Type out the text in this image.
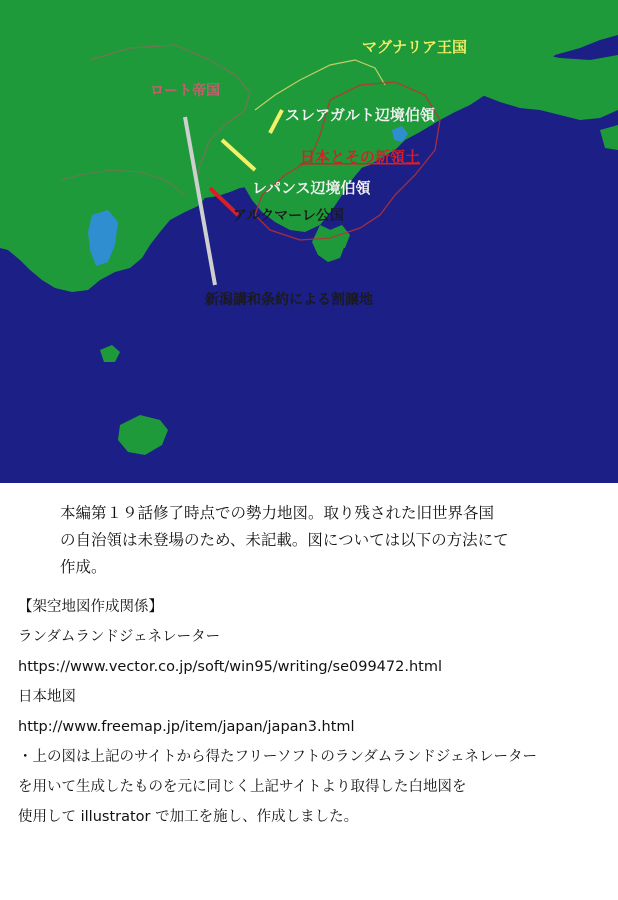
マグナリア王国
ロート帝国
スレアガルト辺境伯領
日本とその新領土
レパンス辺境伯領
アルクマーレ公国
新潟講和条約による割譲地
本編第１９話修了時点での勢力地図。取り残された旧世界各国
の自治領は未登場のため、未記載。図については以下の方法にて
作成。
【架空地図作成関係】
ランダムランドジェネレーター
https://www.vector.co.jp/soft/win95/writing/se099472.html
日本地図
http://www.freemap.jp/item/japan/japan3.html
・上の図は上記のサイトから得たフリーソフトのランダムランドジェネレーター
を用いて生成したものを元に同じく上記サイトより取得した白地図を
使用して illustrator で加工を施し、作成しました。
